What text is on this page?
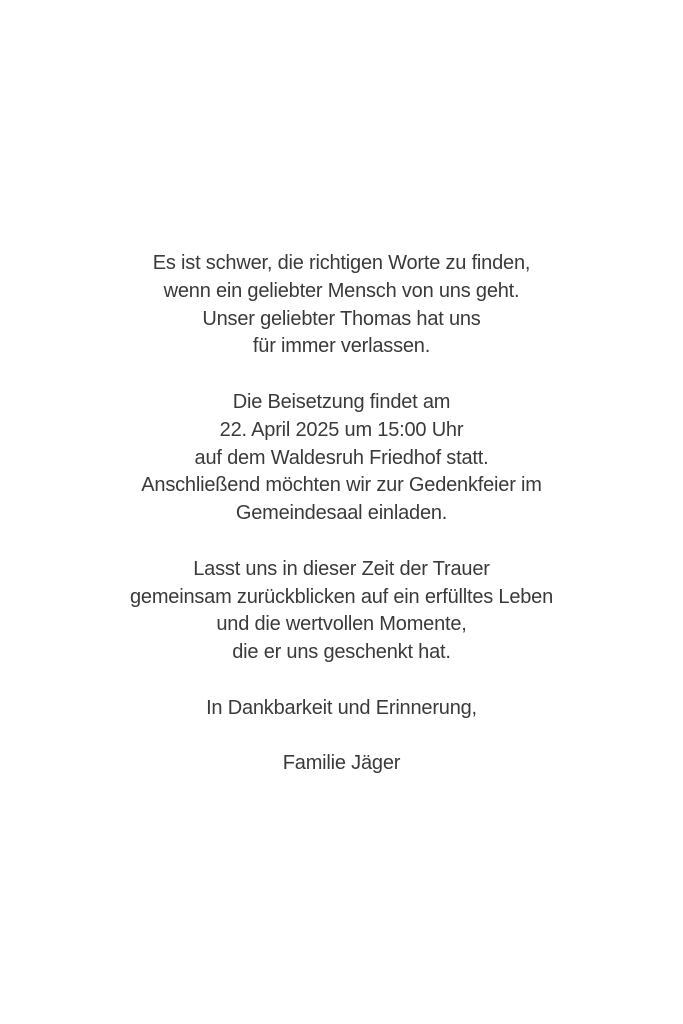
Es ist schwer, die richtigen Worte zu finden,
wenn ein geliebter Mensch von uns geht.
Unser geliebter Thomas hat uns
für immer verlassen.
Die Beisetzung findet am
22. April 2025 um 15:00 Uhr
auf dem Waldesruh Friedhof statt.
Anschließend möchten wir zur Gedenkfeier im
Gemeindesaal einladen.
Lasst uns in dieser Zeit der Trauer
gemeinsam zurückblicken auf ein erfülltes Leben
und die wertvollen Momente,
die er uns geschenkt hat.
In Dankbarkeit und Erinnerung,
Familie Jäger
